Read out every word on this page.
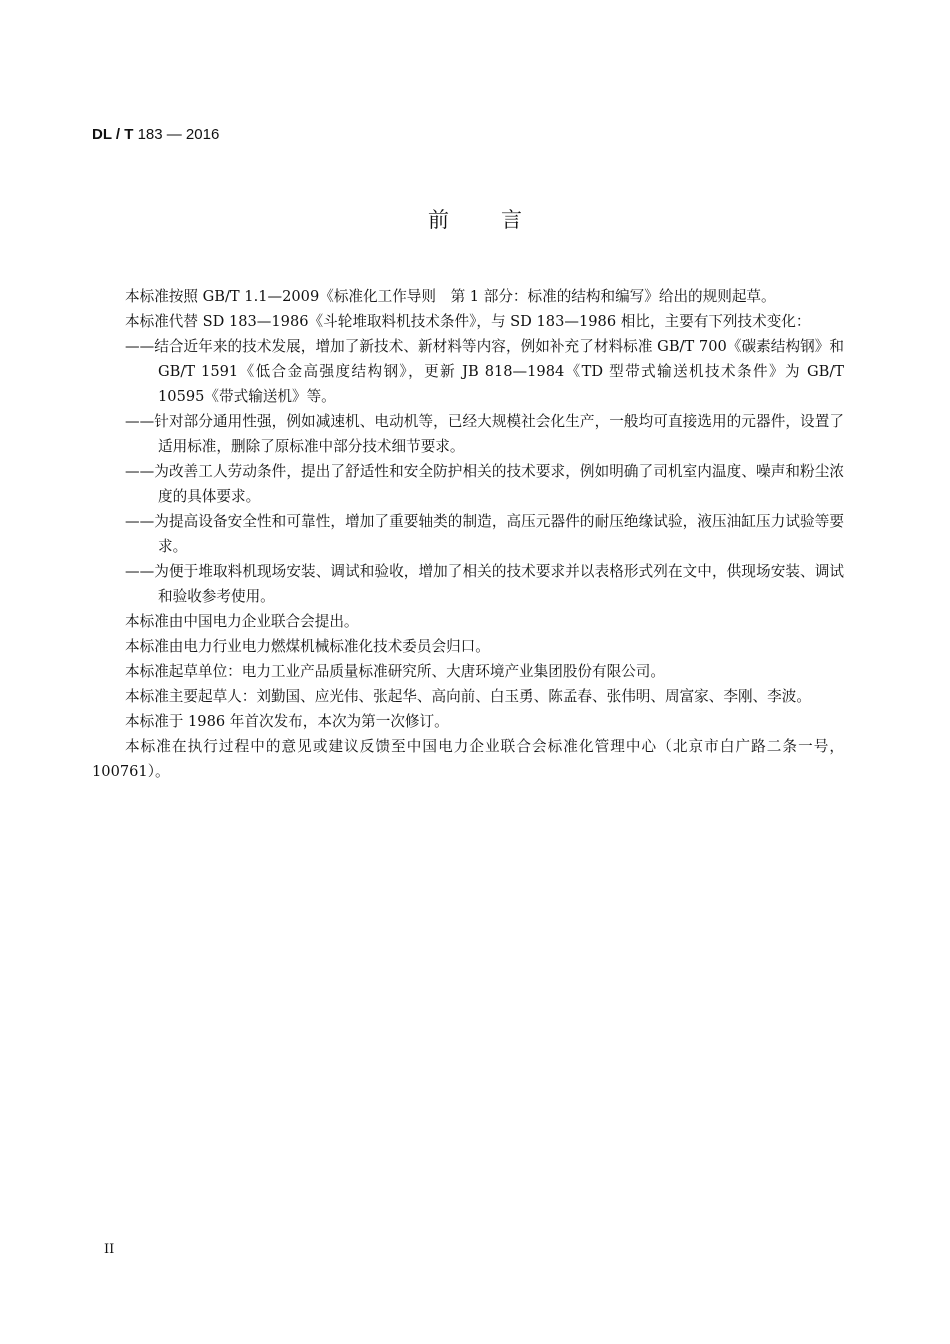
DL / T 183 — 2016
前言

本标准按照 GB/T 1.1—2009《标准化工作导则　第 1 部分：标准的结构和编写》给出的规则起草。

本标准代替 SD 183—1986《斗轮堆取料机技术条件》，与 SD 183—1986 相比，主要有下列技术变化：

——结合近年来的技术发展，增加了新技术、新材料等内容，例如补充了材料标准 GB/T 700《碳素结构钢》和 GB/T 1591《低合金高强度结构钢》，更新 JB 818—1984《TD 型带式输送机技术条件》为 GB/T 10595《带式输送机》等。

——针对部分通用性强，例如减速机、电动机等，已经大规模社会化生产，一般均可直接选用的元器件，设置了适用标准，删除了原标准中部分技术细节要求。

——为改善工人劳动条件，提出了舒适性和安全防护相关的技术要求，例如明确了司机室内温度、噪声和粉尘浓度的具体要求。

——为提高设备安全性和可靠性，增加了重要轴类的制造，高压元器件的耐压绝缘试验，液压油缸压力试验等要求。

——为便于堆取料机现场安装、调试和验收，增加了相关的技术要求并以表格形式列在文中，供现场安装、调试和验收参考使用。

本标准由中国电力企业联合会提出。

本标准由电力行业电力燃煤机械标准化技术委员会归口。

本标准起草单位：电力工业产品质量标准研究所、大唐环境产业集团股份有限公司。

本标准主要起草人：刘勤国、应光伟、张起华、高向前、白玉勇、陈孟春、张伟明、周富家、李刚、李波。

本标准于 1986 年首次发布，本次为第一次修订。

本标准在执行过程中的意见或建议反馈至中国电力企业联合会标准化管理中心（北京市白广路二条一号，100761）。

II
